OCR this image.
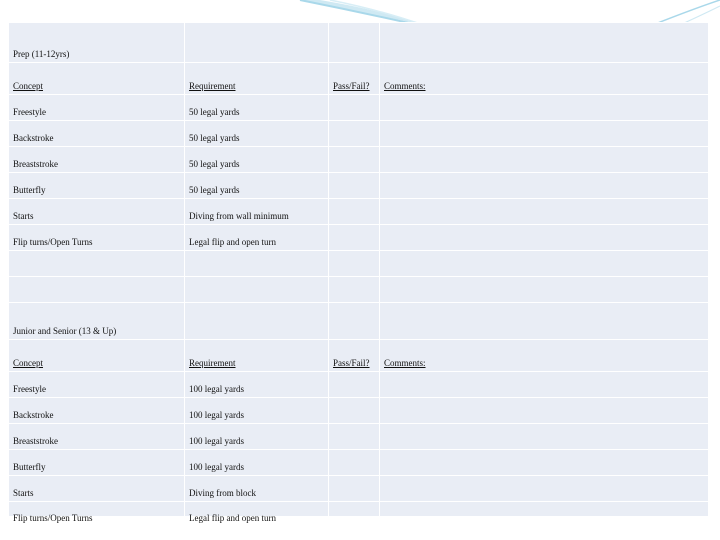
Prep (11-12yrs)			
Concept	Requirement	Pass/Fail?	Comments:
Freestyle	50 legal yards		
Backstroke	50 legal yards		
Breaststroke	50 legal yards		
Butterfly	50 legal yards		
Starts	Diving from wall minimum		
Flip turns/Open Turns	Legal flip and open turn		

Junior and Senior (13 & Up)			
Concept	Requirement	Pass/Fail?	Comments:
Freestyle	100 legal yards		
Backstroke	100 legal yards		
Breaststroke	100 legal yards		
Butterfly	100 legal yards		
Starts	Diving from block		
Flip turns/Open Turns	Legal flip and open turn		
